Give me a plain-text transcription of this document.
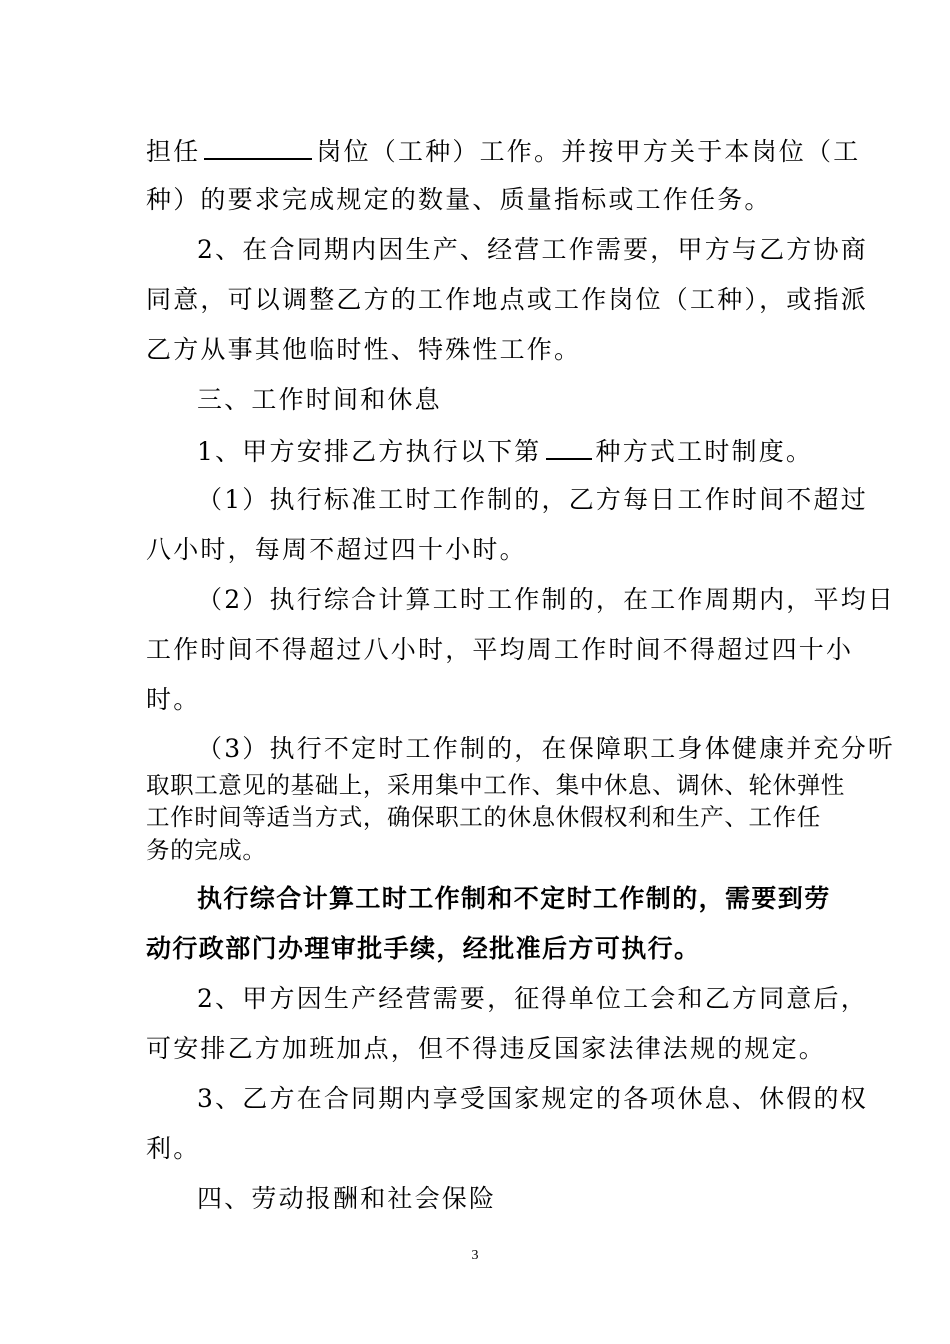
担任	岗位（工种）工作。并按甲方关于本岗位（工
种）的要求完成规定的数量、质量指标或工作任务。
2、在合同期内因生产、经营工作需要，甲方与乙方协商
同意，可以调整乙方的工作地点或工作岗位（工种），或指派
乙方从事其他临时性、特殊性工作。
三、工作时间和休息
1、甲方安排乙方执行以下第 种方式工时制度。
（1）执行标准工时工作制的，乙方每日工作时间不超过
八小时，每周不超过四十小时。
（2）执行综合计算工时工作制的，在工作周期内，平均日
工作时间不得超过八小时，平均周工作时间不得超过四十小
时。
（3）执行不定时工作制的，在保障职工身体健康并充分听
取职工意见的基础上，采用集中工作、集中休息、调休、轮休弹性
工作时间等适当方式，确保职工的休息休假权利和生产、工作任
务的完成。
执行综合计算工时工作制和不定时工作制的，需要到劳
动行政部门办理审批手续，经批准后方可执行。
2、甲方因生产经营需要，征得单位工会和乙方同意后，
可安排乙方加班加点，但不得违反国家法律法规的规定。
3、乙方在合同期内享受国家规定的各项休息、休假的权
利。
四、劳动报酬和社会保险
3
